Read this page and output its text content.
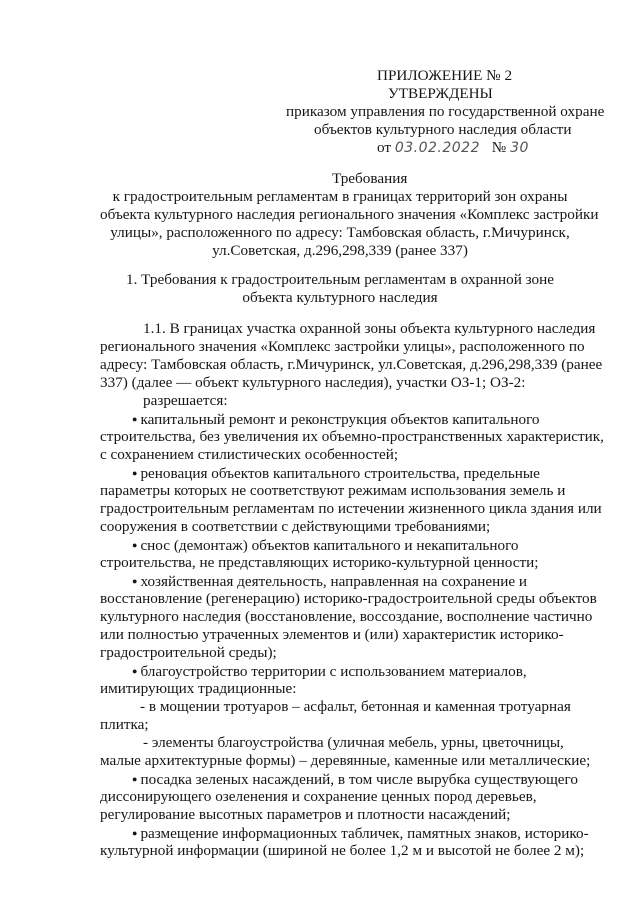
ПРИЛОЖЕНИЕ № 2
УТВЕРЖДЕНЫ
приказом управления по государственной охране
объектов культурного наследия области
от 03.02.2022 № 30
Требования
к градостроительным регламентам в границах территорий зон охраны
объекта культурного наследия регионального значения «Комплекс застройки
улицы», расположенного по адресу: Тамбовская область, г.Мичуринск,
ул.Советская, д.296,298,339 (ранее 337)
1. Требования к градостроительным регламентам в охранной зоне
объекта культурного наследия
1.1. В границах участка охранной зоны объекта культурного наследия
регионального значения «Комплекс застройки улицы», расположенного по
адресу: Тамбовская область, г.Мичуринск, ул.Советская, д.296,298,339 (ранее
337) (далее — объект культурного наследия), участки ОЗ-1; ОЗ-2:
разрешается:
● капитальный ремонт и реконструкция объектов капитального
строительства, без увеличения их объемно-пространственных характеристик,
с сохранением стилистических особенностей;
● реновация объектов капитального строительства, предельные
параметры которых не соответствуют режимам использования земель и
градостроительным регламентам по истечении жизненного цикла здания или
сооружения в соответствии с действующими требованиями;
● снос (демонтаж) объектов капитального и некапитального
строительства, не представляющих историко-культурной ценности;
● хозяйственная деятельность, направленная на сохранение и
восстановление (регенерацию) историко-градостроительной среды объектов
культурного наследия (восстановление, воссоздание, восполнение частично
или полностью утраченных элементов и (или) характеристик историко-
градостроительной среды);
● благоустройство территории с использованием материалов,
имитирующих традиционные:
- в мощении тротуаров – асфальт, бетонная и каменная тротуарная
плитка;
- элементы благоустройства (уличная мебель, урны, цветочницы,
малые архитектурные формы) – деревянные, каменные или металлические;
● посадка зеленых насаждений, в том числе вырубка существующего
диссонирующего озеленения и сохранение ценных пород деревьев,
регулирование высотных параметров и плотности насаждений;
● размещение информационных табличек, памятных знаков, историко-
культурной информации (шириной не более 1,2 м и высотой не более 2 м);
